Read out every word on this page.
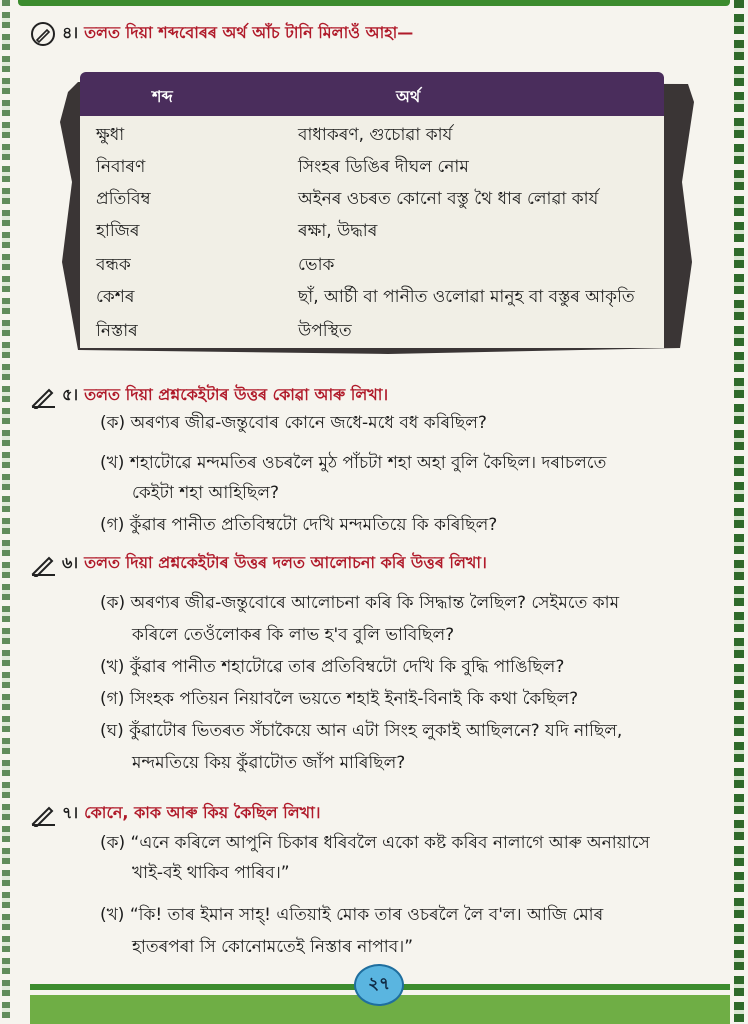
৪। তলত দিয়া শব্দবোৰৰ অৰ্থ আঁচ টানি মিলাওঁ আহা—
শব্দ	অৰ্থ
ক্ষুধা	বাধাকৰণ, গুচোৱা কাৰ্য
নিবাৰণ	সিংহৰ ডিঙিৰ দীঘল নোম
প্ৰতিবিম্ব	অইনৰ ওচৰত কোনো বস্তু থৈ ধাৰ লোৱা কাৰ্য
হাজিৰ	ৰক্ষা, উদ্ধাৰ
বন্ধক	ভোক
কেশৰ	ছাঁ, আৰ্চী বা পানীত ওলোৱা মানুহ বা বস্তুৰ আকৃতি
নিস্তাৰ	উপস্থিত
৫। তলত দিয়া প্ৰশ্নকেইটাৰ উত্তৰ কোৱা আৰু লিখা।
(ক) অৰণ্যৰ জীৱ-জন্তুবোৰ কোনে জধে-মধে বধ কৰিছিল?
(খ) শহাটোৱে মন্দমতিৰ ওচৰলৈ মুঠ পাঁচটা শহা অহা বুলি কৈছিল। দৰাচলতে
কেইটা শহা আহিছিল?
(গ) কুঁৱাৰ পানীত প্ৰতিবিম্বটো দেখি মন্দমতিয়ে কি কৰিছিল?
৬। তলত দিয়া প্ৰশ্নকেইটাৰ উত্তৰ দলত আলোচনা কৰি উত্তৰ লিখা।
(ক) অৰণ্যৰ জীৱ-জন্তুবোৰে আলোচনা কৰি কি সিদ্ধান্ত লৈছিল? সেইমতে কাম
কৰিলে তেওঁলোকৰ কি লাভ হ'ব বুলি ভাবিছিল?
(খ) কুঁৱাৰ পানীত শহাটোৱে তাৰ প্ৰতিবিম্বটো দেখি কি বুদ্ধি পাঙিছিল?
(গ) সিংহক পতিয়ন নিয়াবলৈ ভয়তে শহাই ইনাই-বিনাই কি কথা কৈছিল?
(ঘ) কুঁৱাটোৰ ভিতৰত সঁচাকৈয়ে আন এটা সিংহ লুকাই আছিলনে? যদি নাছিল,
মন্দমতিয়ে কিয় কুঁৱাটোত জাঁপ মাৰিছিল?
৭। কোনে, কাক আৰু কিয় কৈছিল লিখা।
(ক) “এনে কৰিলে আপুনি চিকাৰ ধৰিবলৈ একো কষ্ট কৰিব নালাগে আৰু অনায়াসে
খাই-বই থাকিব পাৰিব।”
(খ) “কি! তাৰ ইমান সাহ্! এতিয়াই মোক তাৰ ওচৰলৈ লৈ ব'ল। আজি মোৰ
হাতৰপৰা সি কোনোমতেই নিস্তাৰ নাপাব।”
২৭
